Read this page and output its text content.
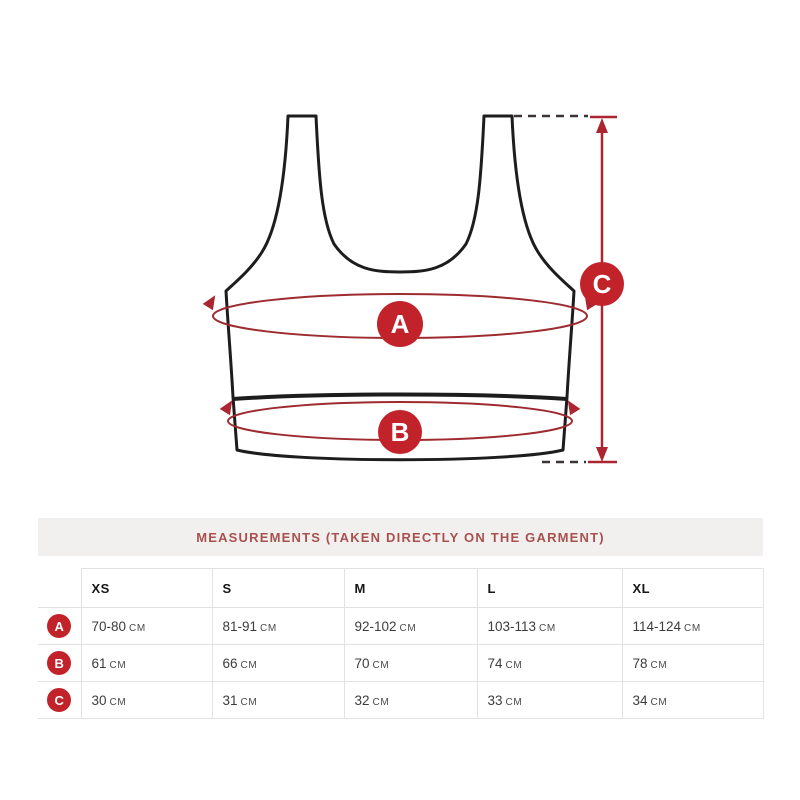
A
B
C
MEASUREMENTS (TAKEN DIRECTLY ON THE GARMENT)
	XS	S	M	L	XL
A	70-80 CM	81-91 CM	92-102 CM	103-113 CM	114-124 CM
B	61 CM	66 CM	70 CM	74 CM	78 CM
C	30 CM	31 CM	32 CM	33 CM	34 CM
